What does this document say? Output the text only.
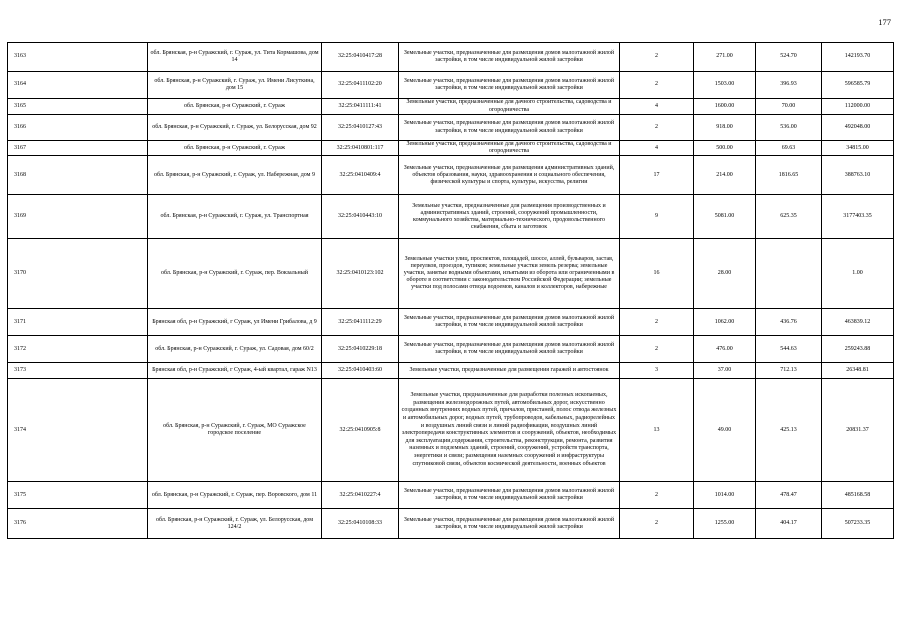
177
3163	обл. Брянская, р-н Суражский, г. Сураж, ул. Тита Кормашова, дом 14	32:25:0410417:28	Земельные участки, предназначенные для размещения домов малоэтажной жилой застройки, в том числе индивидуальной жилой застройки	2	271.00	524.70	142193.70
3164	обл. Брянская, р-н Суражский, г. Сураж, ул. Имени Лисуткина, дом 15	32:25:0411102:20	Земельные участки, предназначенные для размещения домов малоэтажной жилой застройки, в том числе индивидуальной жилой застройки	2	1503.00	396.93	596585.79
3165	обл. Брянская, р-н Суражский, г. Сураж	32:25:0411111:41	Земельные участки, предназначенные для дачного строительства, садоводства и огородничества	4	1600.00	70.00	112000.00
3166	обл. Брянская, р-н Суражский, г. Сураж, ул. Белорусская, дом 92	32:25:0410127:43	Земельные участки, предназначенные для размещения домов малоэтажной жилой застройки, в том числе индивидуальной жилой застройки	2	918.00	536.00	492048.00
3167	обл. Брянская, р-н Суражский, г. Сураж	32:25:0410801:117	Земельные участки, предназначенные для дачного строительства, садоводства и огородничества	4	500.00	69.63	34815.00
3168	обл. Брянская, р-н Суражский, г. Сураж, ул. Набережная, дом 9	32:25:0410409:4	Земельные участки, предназначенные для размещения административных зданий, объектов образования, науки, здравоохранения и социального обеспечения, физической культуры и спорта, культуры, искусства, религии	17	214.00	1816.65	388763.10
3169	обл. Брянская, р-н Суражский, г. Сураж, ул. Транспортная	32:25:0410443:10	Земельные участки, предназначенные для размещения производственных и административных зданий, строений, сооружений промышленности, коммунального хозяйства, материально-технического, продовольственного снабжения, сбыта и заготовок	9	5081.00	625.35	3177403.35
3170	обл. Брянская, р-н Суражский, г. Сураж, пер. Вокзальный	32:25:0410123:102	Земельные участки улиц, проспектов, площадей, шоссе, аллей, бульваров, застав, переулков, проездов, тупиков; земельные участки земель резерва; земельные участки, занятые водными объектами, изъятыми из оборота или ограниченными в обороте в соответствии с законодательством Российской Федерации; земельные участки под полосами отвода водоемов, каналов и коллекторов, набережные	16	28.00		1.00
3171	Брянская обл, р-н Суражский, г Сураж, ул Имени Грибалова, д 9	32:25:0411112:29	Земельные участки, предназначенные для размещения домов малоэтажной жилой застройки, в том числе индивидуальной жилой застройки	2	1062.00	436.76	463839.12
3172	обл. Брянская, р-н Суражский, г. Сураж, ул. Садовая, дом 60/2	32:25:0410229:18	Земельные участки, предназначенные для размещения домов малоэтажной жилой застройки, в том числе индивидуальной жилой застройки	2	476.00	544.63	259243.88
3173	Брянская обл, р-н Суражский, г Сураж, 4-ый квартал, гараж N13	32:25:0410403:60	Земельные участки, предназначенные для размещения гаражей и автостоянок	3	37.00	712.13	26348.81
3174	обл. Брянская, р-н Суражский, г. Сураж, МО Суражское городское поселение	32:25:0410905:8	Земельные участки, предназначенные для разработки полезных ископаемых, размещения железнодорожных путей, автомобильных дорог, искусственно созданных внутренних водных путей, причалов, пристаней, полос отвода железных и автомобильных дорог, водных путей, трубопроводов, кабельных, радиорелейных и воздушных линий связи и линий радиофикации, воздушных линий электропередачи конструктивных элементов и сооружений, объектов, необходимых для эксплуатации,содержания, строительства, реконструкции, ремонта, развития наземных и подземных зданий, строений, сооружений, устройств транспорта, энергетики и связи; размещения наземных сооружений и инфраструктуры спутниковой связи, объектов космической деятельности, военных объектов	13	49.00	425.13	20831.37
3175	обл. Брянская, р-н Суражский, г. Сураж, пер. Воровского, дом 11	32:25:0410227:4	Земельные участки, предназначенные для размещения домов малоэтажной жилой застройки, в том числе индивидуальной жилой застройки	2	1014.00	478.47	485168.58
3176	обл. Брянская, р-н Суражский, г. Сураж, ул. Белорусская, дом 124/2	32:25:0410108:33	Земельные участки, предназначенные для размещения домов малоэтажной жилой застройки, в том числе индивидуальной жилой застройки	2	1255.00	404.17	507233.35
